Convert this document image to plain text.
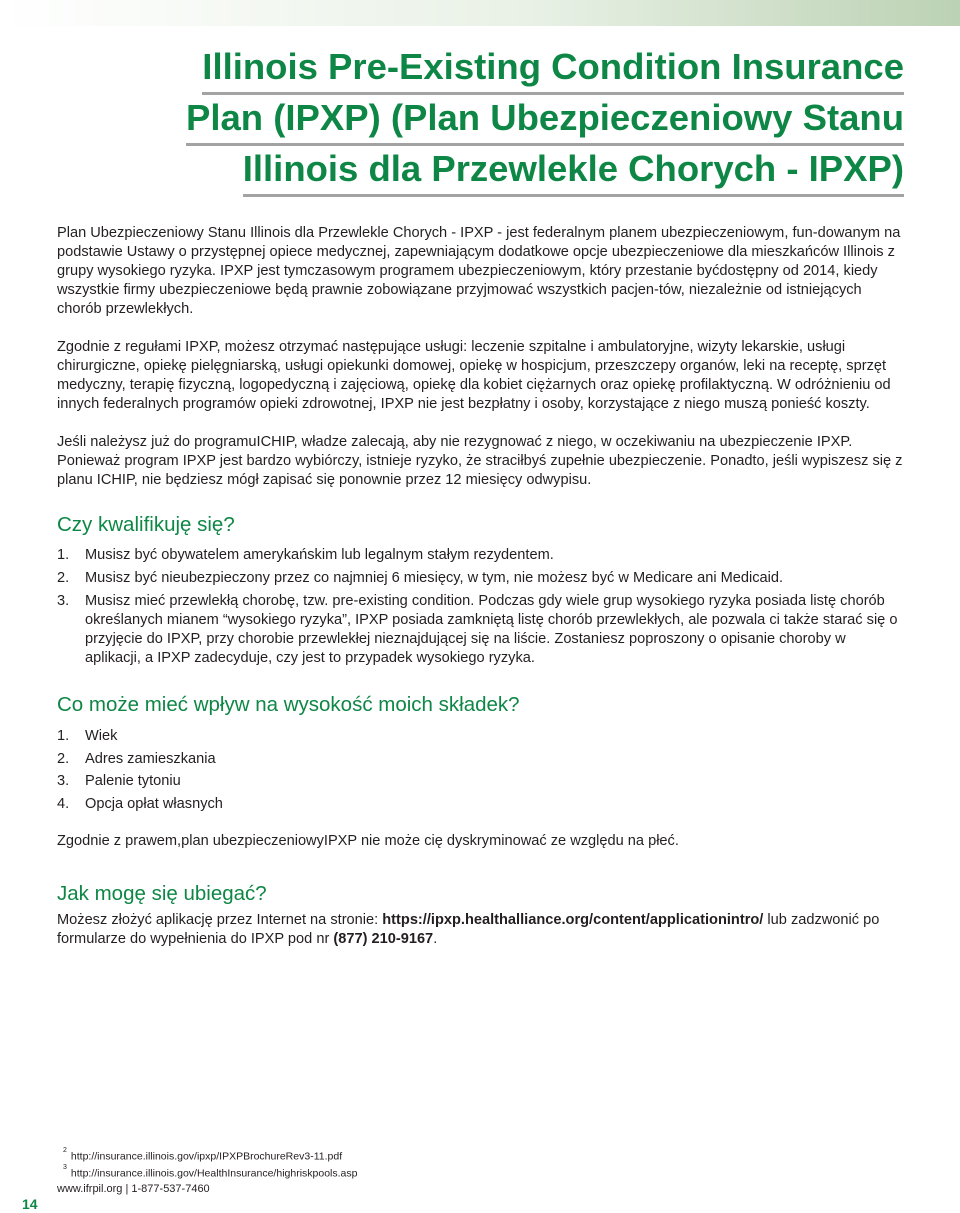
Illinois Pre-Existing Condition Insurance
Plan (IPXP) (Plan Ubezpieczeniowy Stanu
Illinois dla Przewlekle Chorych - IPXP)

Plan Ubezpieczeniowy Stanu Illinois dla Przewlekle Chorych - IPXP - jest federalnym planem ubezpieczeniowym, fun-dowanym na podstawie Ustawy o przystępnej opiece medycznej, zapewniającym dodatkowe opcje ubezpieczeniowe dla mieszkańców Illinois z grupy wysokiego ryzyka. IPXP jest tymczasowym programem ubezpieczeniowym, który przestanie byćdostępny od 2014, kiedy wszystkie firmy ubezpieczeniowe będą prawnie zobowiązane przyjmować wszystkich pacjen-tów, niezależnie od istniejących chorób przewlekłych.

Zgodnie z regułami IPXP, możesz otrzymać następujące usługi: leczenie szpitalne i ambulatoryjne, wizyty lekarskie, usługi chirurgiczne, opiekę pielęgniarską, usługi opiekunki domowej, opiekę w hospicjum, przeszczepy organów, leki na receptę, sprzęt medyczny, terapię fizyczną, logopedyczną i zajęciową, opiekę dla kobiet ciężarnych oraz opiekę profilaktyczną. W odróżnieniu od innych federalnych programów opieki zdrowotnej, IPXP nie jest bezpłatny i osoby, korzystające z niego muszą ponieść koszty.

Jeśli należysz już do programuICHIP, władze zalecają, aby nie rezygnować z niego, w oczekiwaniu na ubezpieczenie IPXP. Ponieważ program IPXP jest bardzo wybiórczy, istnieje ryzyko, że straciłbyś zupełnie ubezpieczenie. Ponadto, jeśli wypiszesz się z planu ICHIP, nie będziesz mógł zapisać się ponownie przez 12 miesięcy odwypisu.

Czy kwalifikuję się?
1. Musisz być obywatelem amerykańskim lub legalnym stałym rezydentem.
2. Musisz być nieubezpieczony przez co najmniej 6 miesięcy, w tym, nie możesz być w Medicare ani Medicaid.
3. Musisz mieć przewlekłą chorobę, tzw. pre-existing condition. Podczas gdy wiele grup wysokiego ryzyka posiada listę chorób określanych mianem “wysokiego ryzyka”, IPXP posiada zamkniętą listę chorób przewlekłych, ale pozwala ci także starać się o przyjęcie do IPXP, przy chorobie przewlekłej nieznajdującej się na liście. Zostaniesz poproszony o opisanie choroby w aplikacji, a IPXP zadecyduje, czy jest to przypadek wysokiego ryzyka.
Co może mieć wpływ na wysokość moich składek?
1. Wiek
2. Adres zamieszkania
3. Palenie tytoniu
4. Opcja opłat własnych

Zgodnie z prawem,plan ubezpieczeniowyIPXP nie może cię dyskryminować ze względu na płeć.

Jak mogę się ubiegać?

Możesz złożyć aplikację przez Internet na stronie: https://ipxp.healthalliance.org/content/applicationintro/ lub zadzwonić po formularze do wypełnienia do IPXP pod nr (877) 210-9167.

$^2$ http://insurance.illinois.gov/ipxp/IPXPBrochureRev3-11.pdf
$^3$ http://insurance.illinois.gov/HealthInsurance/highriskpools.asp
www.ifrpil.org | 1-877-537-7460
14
